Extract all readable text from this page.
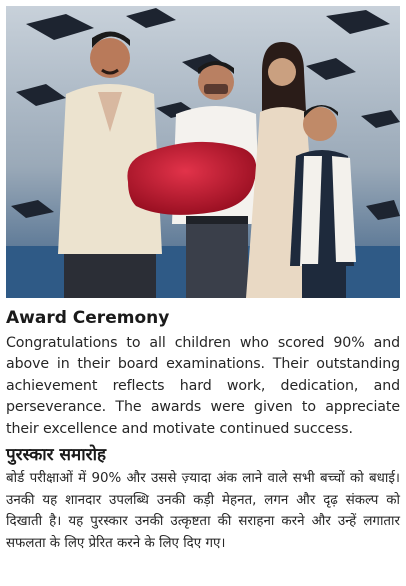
Award Ceremony

Congratulations to all children who scored 90% and above in their board examinations. Their outstanding achievement reflects hard work, dedication, and perseverance. The awards were given to appreciate their excellence and motivate continued success.

पुरस्कार समारोह

बोर्ड परीक्षाओं में 90% और उससे ज़्यादा अंक लाने वाले सभी बच्चों को बधाई। उनकी यह शानदार उपलब्धि उनकी कड़ी मेहनत, लगन और दृढ़ संकल्प को दिखाती है। यह पुरस्कार उनकी उत्कृष्टता की सराहना करने और उन्हें लगातार सफलता के लिए प्रेरित करने के लिए दिए गए।
